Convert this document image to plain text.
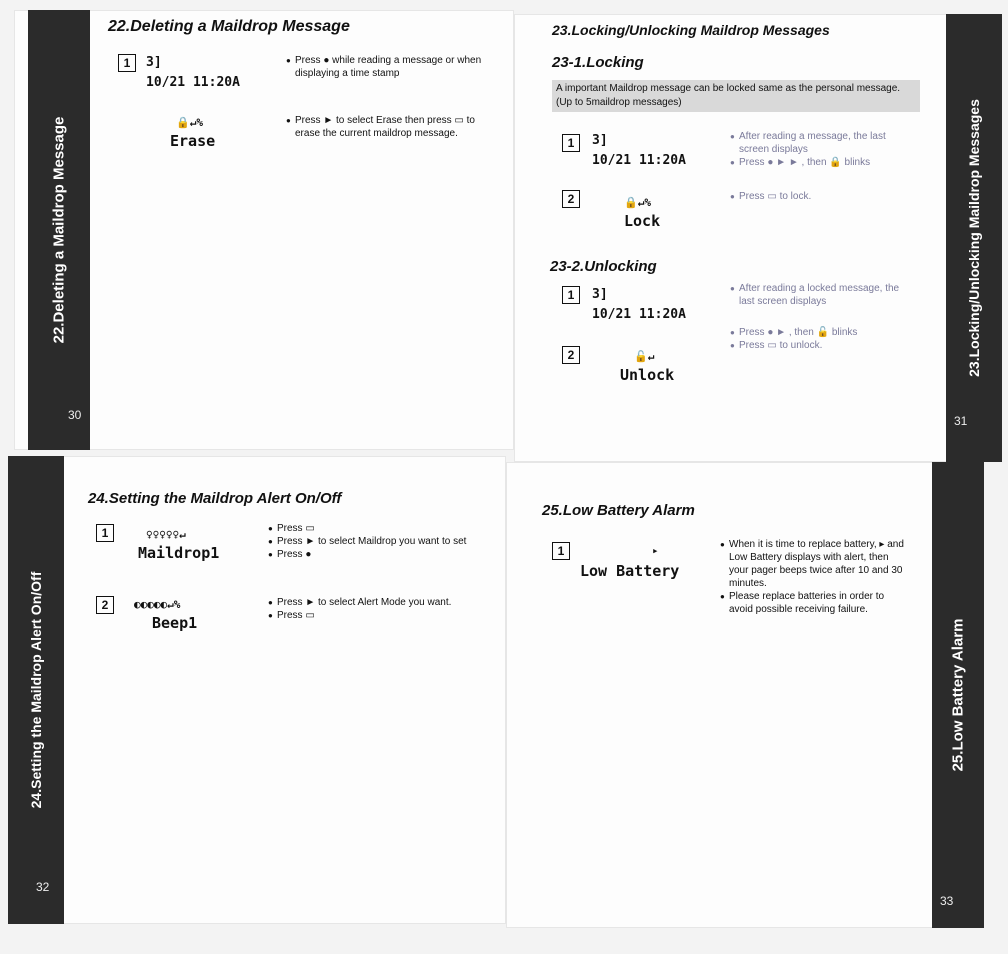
22.Deleting a Maildrop Message
30
22.Deleting a Maildrop Message
1	3]
10/21 11:20A
● Press ● while reading a message or when displaying a time stamp
🔒↵%
Erase
● Press ► to select Erase then press ▭ to erase the current maildrop message.	23.Locking/Unlocking Maildrop Messages
31
23.Locking/Unlocking Maildrop Messages
23-1.Locking
A important Maildrop message can be locked same as the personal message.(Up to 5maildrop messages)
1	3]
10/21 11:20A
● After reading a message, the last screen displays
● Press ● ► ► , then 🔒 blinks
2	🔒↵%
Lock
● Press ▭ to lock.
23-2.Unlocking
1	3]
10/21 11:20A
● After reading a locked message, the last screen displays
2	🔓↵
Unlock
● Press ● ► , then 🔓 blinks
● Press ▭ to unlock.
24.Setting the Maildrop Alert On/Off
32
24.Setting the Maildrop Alert On/Off
1	♀♀♀♀♀↵
Maildrop1
● Press ▭
● Press ► to select Maildrop you want to set
● Press ●
2	◐◐◐◐◐↵%
Beep1
● Press ► to select Alert Mode you want.
● Press ▭
25.Low Battery Alarm
33
25.Low Battery Alarm
1	▸
Low Battery
● When it is time to replace battery, ▸ and Low Battery displays with alert, then your pager beeps twice after 10 and 30 minutes.
● Please replace batteries in order to avoid possible receiving failure.
